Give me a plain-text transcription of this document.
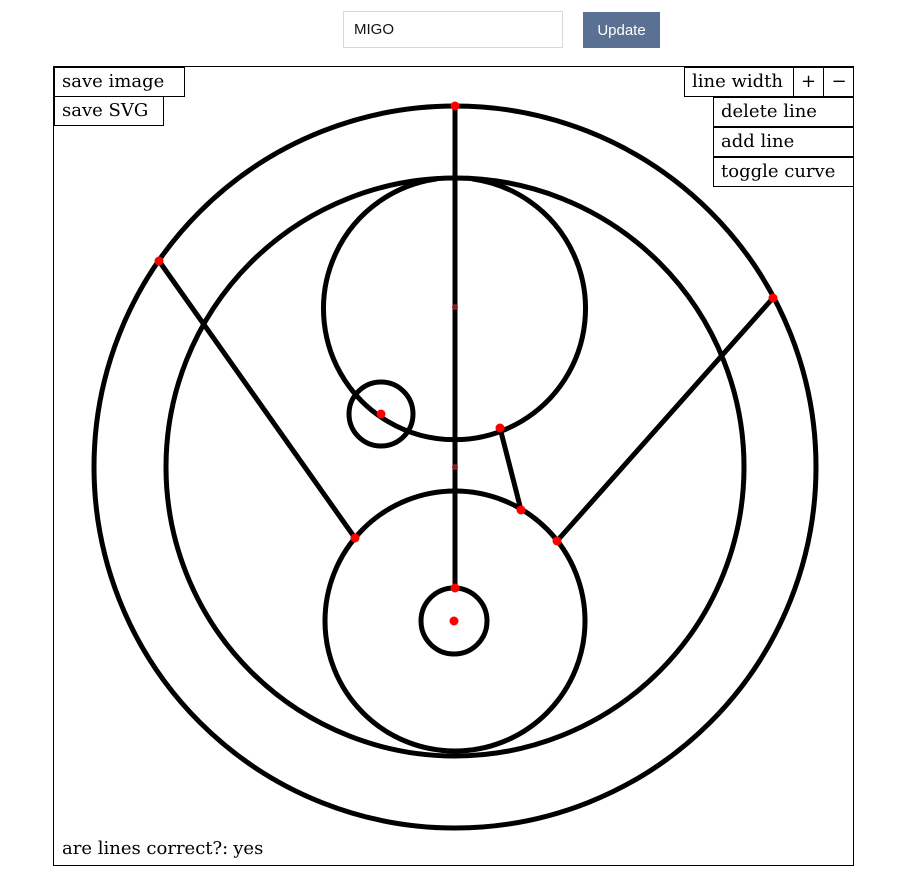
MIGO
Update
save image
save SVG
line width + −
delete line
add line
toggle curve
are lines correct?: yes
